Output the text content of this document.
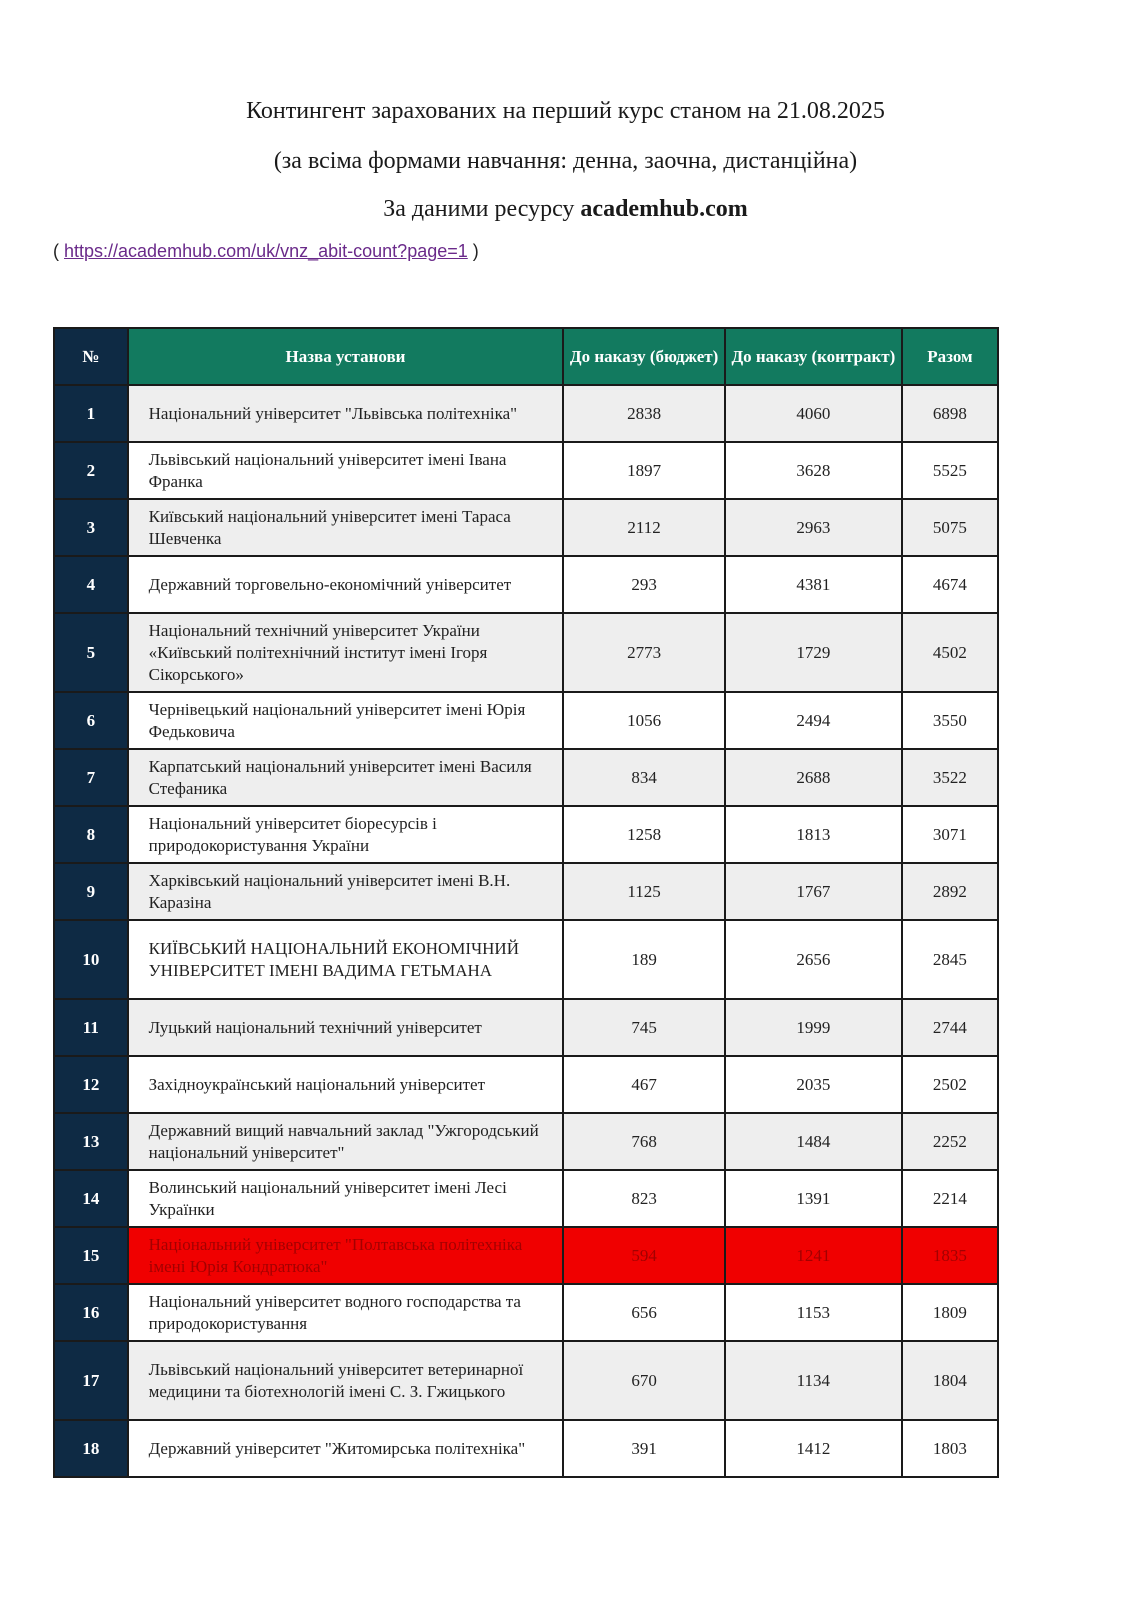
Контингент зарахованих на перший курс станом на 21.08.2025
(за всіма формами навчання: денна, заочна, дистанційна)
За даними ресурсу academhub.com
( https://academhub.com/uk/vnz_abit-count?page=1 )
№	Назва установи	До наказу (бюджет)	До наказу (контракт)	Разом
1	Національний університет "Львівська політехніка"	2838	4060	6898
2	Львівський національний університет імені Івана Франка	1897	3628	5525
3	Київський національний університет імені Тараса Шевченка	2112	2963	5075
4	Державний торговельно-економічний університет	293	4381	4674
5	Національний технічний університет України «Київський політехнічний інститут імені Ігоря Сікорського»	2773	1729	4502
6	Чернівецький національний університет імені Юрія Федьковича	1056	2494	3550
7	Карпатський національний університет імені Василя Стефаника	834	2688	3522
8	Національний університет біоресурсів і природокористування України	1258	1813	3071
9	Харківський національний університет імені В.Н. Каразіна	1125	1767	2892
10	КИЇВСЬКИЙ НАЦІОНАЛЬНИЙ ЕКОНОМІЧНИЙ УНІВЕРСИТЕТ ІМЕНІ ВАДИМА ГЕТЬМАНА	189	2656	2845
11	Луцький національний технічний університет	745	1999	2744
12	Західноукраїнський національний університет	467	2035	2502
13	Державний вищий навчальний заклад "Ужгородський національний університет"	768	1484	2252
14	Волинський національний університет імені Лесі Українки	823	1391	2214
15	Національний університет "Полтавська політехніка імені Юрія Кондратюка"	594	1241	1835
16	Національний університет водного господарства та природокористування	656	1153	1809
17	Львівський національний університет ветеринарної медицини та біотехнологій імені С. З. Гжицького	670	1134	1804
18	Державний університет "Житомирська політехніка"	391	1412	1803
